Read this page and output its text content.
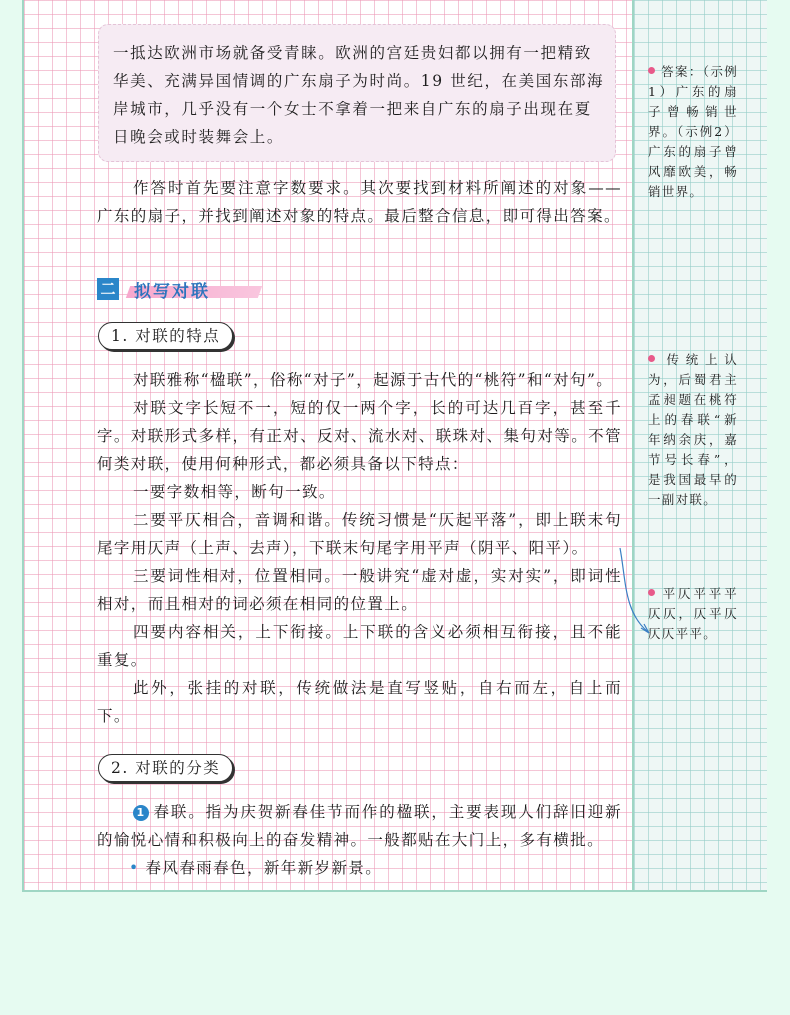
一抵达欧洲市场就备受青睐。欧洲的宫廷贵妇都以拥有一把精致华美、充满异国情调的广东扇子为时尚。19 世纪，在美国东部海岸城市，几乎没有一个女士不拿着一把来自广东的扇子出现在夏日晚会或时装舞会上。
作答时首先要注意字数要求。其次要找到材料所阐述的对象——广东的扇子，并找到阐述对象的特点。最后整合信息，即可得出答案。
二 拟写对联
1. 对联的特点
对联雅称“楹联”，俗称“对子”，起源于古代的“桃符”和“对句”。
对联文字长短不一，短的仅一两个字，长的可达几百字，甚至千字。对联形式多样，有正对、反对、流水对、联珠对、集句对等。不管何类对联，使用何种形式，都必须具备以下特点：
一要字数相等，断句一致。
二要平仄相合，音调和谐。传统习惯是“仄起平落”，即上联末句尾字用仄声（上声、去声），下联末句尾字用平声（阴平、阳平）。
三要词性相对，位置相同。一般讲究“虚对虚，实对实”，即词性相对，而且相对的词必须在相同的位置上。
四要内容相关，上下衔接。上下联的含义必须相互衔接，且不能重复。
此外，张挂的对联，传统做法是直写竖贴，自右而左，自上而下。
2. 对联的分类
1 春联。指为庆贺新春佳节而作的楹联，主要表现人们辞旧迎新的愉悦心情和积极向上的奋发精神。一般都贴在大门上，多有横批。
• 春风春雨春色，新年新岁新景。
答案：（示例1）广东的扇子曾畅销世界。（示例2）广东的扇子曾风靡欧美，畅销世界。
传统上认为，后蜀君主孟昶题在桃符上的春联“新年纳余庆，嘉节号长春”，是我国最早的一副对联。
平仄平平平仄仄，仄平仄仄仄平平。
